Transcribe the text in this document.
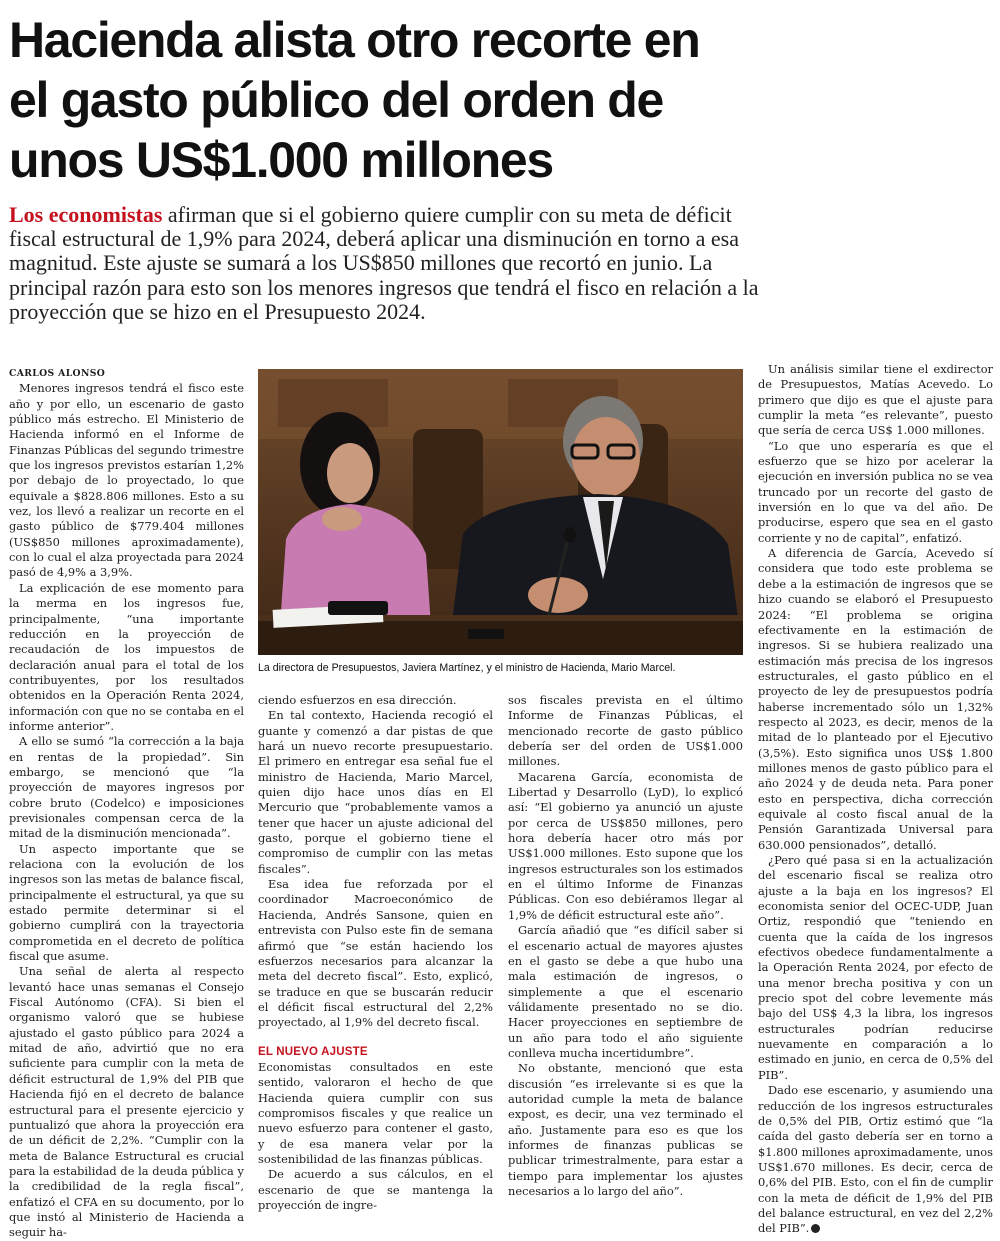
Hacienda alista otro recorte en
el gasto público del orden de
unos US$1.000 millones
Los economistas afirman que si el gobierno quiere cumplir con su meta de déficit fiscal estructural de 1,9% para 2024, deberá aplicar una disminución en torno a esa magnitud. Este ajuste se sumará a los US$850 millones que recortó en junio. La principal razón para esto son los menores ingresos que tendrá el fisco en relación a la proyección que se hizo en el Presupuesto 2024.

CARLOS ALONSO

Menores ingresos tendrá el fisco este año y por ello, un escenario de gasto público más estrecho. El Ministerio de Hacienda informó en el Informe de Finanzas Públicas del segundo trimestre que los ingresos previstos estarían 1,2% por debajo de lo proyectado, lo que equivale a $828.806 millones. Esto a su vez, los llevó a realizar un recorte en el gasto público de $779.404 millones (US$850 millones aproximadamente), con lo cual el alza proyectada para 2024 pasó de 4,9% a 3,9%.

La explicación de ese momento para la merma en los ingresos fue, principalmente, “una importante reducción en la proyección de recaudación de los impuestos de declaración anual para el total de los contribuyentes, por los resultados obtenidos en la Operación Renta 2024, información con que no se contaba en el informe anterior”.

A ello se sumó “la corrección a la baja en rentas de la propiedad”. Sin embargo, se mencionó que “la proyección de mayores ingresos por cobre bruto (Codelco) e imposiciones previsionales compensan cerca de la mitad de la disminución mencionada”.

Un aspecto importante que se relaciona con la evolución de los ingresos son las metas de balance fiscal, principalmente el estructural, ya que su estado permite determinar si el gobierno cumplirá con la trayectoria comprometida en el decreto de política fiscal que asume.

Una señal de alerta al respecto levantó hace unas semanas el Consejo Fiscal Autónomo (CFA). Si bien el organismo valoró que se hubiese ajustado el gasto público para 2024 a mitad de año, advirtió que no era suficiente para cumplir con la meta de déficit estructural de 1,9% del PIB que Hacienda fijó en el decreto de balance estructural para el presente ejercicio y puntualizó que ahora la proyección era de un déficit de 2,2%. “Cumplir con la meta de Balance Estructural es crucial para la estabilidad de la deuda pública y la credibilidad de la regla fiscal”, enfatizó el CFA en su documento, por lo que instó al Ministerio de Hacienda a seguir ha-

La directora de Presupuestos, Javiera Martínez, y el ministro de Hacienda, Mario Marcel.

ciendo esfuerzos en esa dirección.

En tal contexto, Hacienda recogió el guante y comenzó a dar pistas de que hará un nuevo recorte presupuestario. El primero en entregar esa señal fue el ministro de Hacienda, Mario Marcel, quien dijo hace unos días en El Mercurio que “probablemente vamos a tener que hacer un ajuste adicional del gasto, porque el gobierno tiene el compromiso de cumplir con las metas fiscales”.

Esa idea fue reforzada por el coordinador Macroeconómico de Hacienda, Andrés Sansone, quien en entrevista con Pulso este fin de semana afirmó que “se están haciendo los esfuerzos necesarios para alcanzar la meta del decreto fiscal”. Esto, explicó, se traduce en que se buscarán reducir el déficit fiscal estructural del 2,2% proyectado, al 1,9% del decreto fiscal.

EL NUEVO AJUSTE

Economistas consultados en este sentido, valoraron el hecho de que Hacienda quiera cumplir con sus compromisos fiscales y que realice un nuevo esfuerzo para contener el gasto, y de esa manera velar por la sostenibilidad de las finanzas públicas.

De acuerdo a sus cálculos, en el escenario de que se mantenga la proyección de ingre-

sos fiscales prevista en el último Informe de Finanzas Públicas, el mencionado recorte de gasto público debería ser del orden de US$1.000 millones.

Macarena García, economista de Libertad y Desarrollo (LyD), lo explicó así: “El gobierno ya anunció un ajuste por cerca de US$850 millones, pero hora debería hacer otro más por US$1.000 millones. Esto supone que los ingresos estructurales son los estimados en el último Informe de Finanzas Públicas. Con eso debiéramos llegar al 1,9% de déficit estructural este año”.

García añadió que “es difícil saber si el escenario actual de mayores ajustes en el gasto se debe a que hubo una mala estimación de ingresos, o simplemente a que el escenario válidamente presentado no se dio. Hacer proyecciones en septiembre de un año para todo el año siguiente conlleva mucha incertidumbre”.

No obstante, mencionó que esta discusión “es irrelevante si es que la autoridad cumple la meta de balance expost, es decir, una vez terminado el año. Justamente para eso es que los informes de finanzas publicas se publicar trimestralmente, para estar a tiempo para implementar los ajustes necesarios a lo largo del año”.

Un análisis similar tiene el exdirector de Presupuestos, Matías Acevedo. Lo primero que dijo es que el ajuste para cumplir la meta “es relevante”, puesto que sería de cerca US$ 1.000 millones.

“Lo que uno esperaría es que el esfuerzo que se hizo por acelerar la ejecución en inversión publica no se vea truncado por un recorte del gasto de inversión en lo que va del año. De producirse, espero que sea en el gasto corriente y no de capital”, enfatizó.

A diferencia de García, Acevedo sí considera que todo este problema se debe a la estimación de ingresos que se hizo cuando se elaboró el Presupuesto 2024: “El problema se origina efectivamente en la estimación de ingresos. Si se hubiera realizado una estimación más precisa de los ingresos estructurales, el gasto público en el proyecto de ley de presupuestos podría haberse incrementado sólo un 1,32% respecto al 2023, es decir, menos de la mitad de lo planteado por el Ejecutivo (3,5%). Esto significa unos US$ 1.800 millones menos de gasto público para el año 2024 y de deuda neta. Para poner esto en perspectiva, dicha corrección equivale al costo fiscal anual de la Pensión Garantizada Universal para 630.000 pensionados”, detalló.

¿Pero qué pasa si en la actualización del escenario fiscal se realiza otro ajuste a la baja en los ingresos? El economista senior del OCEC-UDP, Juan Ortiz, respondió que “teniendo en cuenta que la caída de los ingresos efectivos obedece fundamentalmente a la Operación Renta 2024, por efecto de una menor brecha positiva y con un precio spot del cobre levemente más bajo del US$ 4,3 la libra, los ingresos estructurales podrían reducirse nuevamente en comparación a lo estimado en junio, en cerca de 0,5% del PIB”.

Dado ese escenario, y asumiendo una reducción de los ingresos estructurales de 0,5% del PIB, Ortiz estimó que “la caída del gasto debería ser en torno a $1.800 millones aproximadamente, unos US$1.670 millones. Es decir, cerca de 0,6% del PIB. Esto, con el fin de cumplir con la meta de déficit de 1,9% del PIB del balance estructural, en vez del 2,2% del PIB”.
